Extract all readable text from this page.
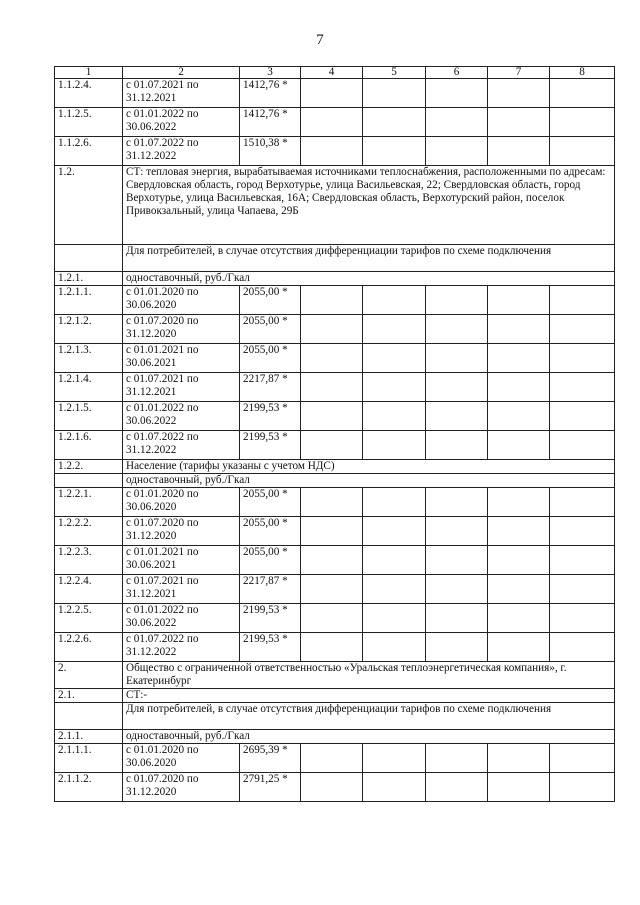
7
1	2	3	4	5	6	7	8
1.1.2.4.	с 01.07.2021 по 31.12.2021	1412,76 *					
1.1.2.5.	с 01.01.2022 по 30.06.2022	1412,76 *					
1.1.2.6.	с 01.07.2022 по 31.12.2022	1510,38 *					
1.2.	СТ: тепловая энергия, вырабатываемая источниками теплоснабжения, расположенными по адресам: Свердловская область, город Верхотурье, улица Васильевская, 22; Свердловская область, город Верхотурье, улица Васильевская, 16А; Свердловская область, Верхотурский район, поселок Привокзальный, улица Чапаева, 29Б						
	Для потребителей, в случае отсутствия дифференциации тарифов по схеме подключения						
1.2.1.	одноставочный, руб./Гкал						
1.2.1.1.	с 01.01.2020 по 30.06.2020	2055,00 *					
1.2.1.2.	с 01.07.2020 по 31.12.2020	2055,00 *					
1.2.1.3.	с 01.01.2021 по 30.06.2021	2055,00 *					
1.2.1.4.	с 01.07.2021 по 31.12.2021	2217,87 *					
1.2.1.5.	с 01.01.2022 по 30.06.2022	2199,53 *					
1.2.1.6.	с 01.07.2022 по 31.12.2022	2199,53 *					
1.2.2.	Население (тарифы указаны с учетом НДС)						
	одноставочный, руб./Гкал						
1.2.2.1.	с 01.01.2020 по 30.06.2020	2055,00 *					
1.2.2.2.	с 01.07.2020 по 31.12.2020	2055,00 *					
1.2.2.3.	с 01.01.2021 по 30.06.2021	2055,00 *					
1.2.2.4.	с 01.07.2021 по 31.12.2021	2217,87 *					
1.2.2.5.	с 01.01.2022 по 30.06.2022	2199,53 *					
1.2.2.6.	с 01.07.2022 по 31.12.2022	2199,53 *					
2.	Общество с ограниченной ответственностью «Уральская теплоэнергетическая компания», г. Екатеринбург						
2.1.	СТ:-						
	Для потребителей, в случае отсутствия дифференциации тарифов по схеме подключения						
2.1.1.	одноставочный, руб./Гкал						
2.1.1.1.	с 01.01.2020 по 30.06.2020	2695,39 *					
2.1.1.2.	с 01.07.2020 по 31.12.2020	2791,25 *					
